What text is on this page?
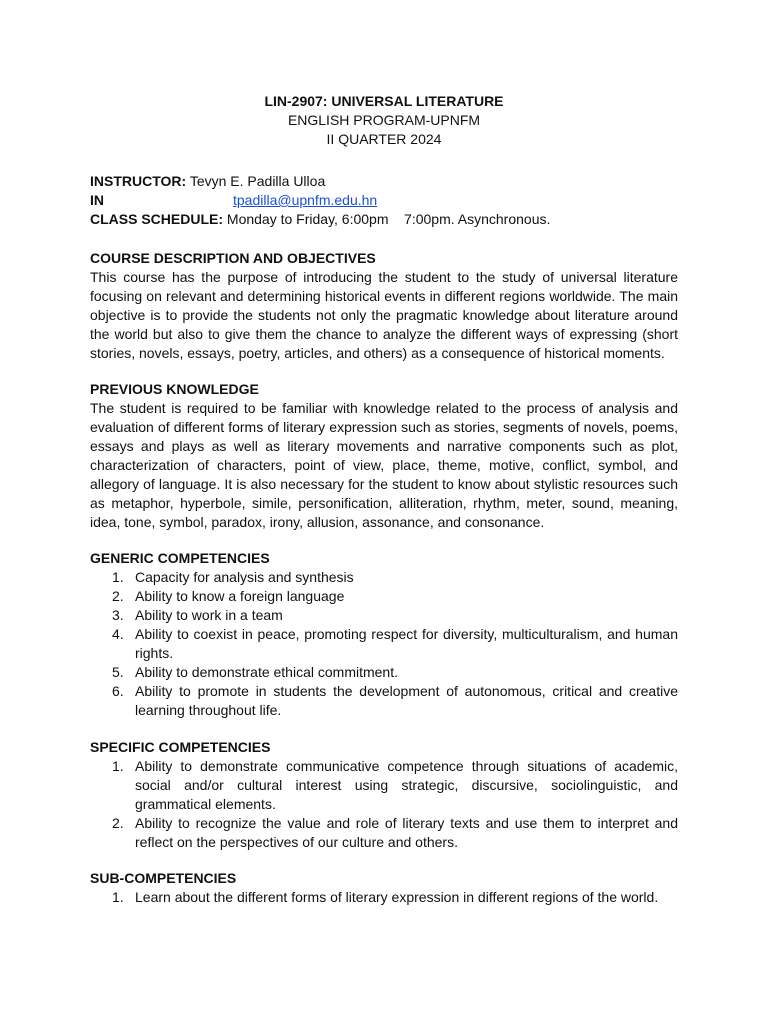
LIN-2907: UNIVERSAL LITERATURE
ENGLISH PROGRAM-UPNFM
II QUARTER 2024
INSTRUCTOR: Tevyn E. Padilla Ulloa
IN	tpadilla@upnfm.edu.hn
CLASS SCHEDULE: Monday to Friday, 6:00pm    7:00pm. Asynchronous.
COURSE DESCRIPTION AND OBJECTIVES

This course has the purpose of introducing the student to the study of universal literature focusing on relevant and determining historical events in different regions worldwide. The main objective is to provide the students not only the pragmatic knowledge about literature around the world but also to give them the chance to analyze the different ways of expressing (short stories, novels, essays, poetry, articles, and others) as a consequence of historical moments.

PREVIOUS KNOWLEDGE

The student is required to be familiar with knowledge related to the process of analysis and evaluation of different forms of literary expression such as stories, segments of novels, poems, essays and plays as well as literary movements and narrative components such as plot, characterization of characters, point of view, place, theme, motive, conflict, symbol, and allegory of language. It is also necessary for the student to know about stylistic resources such as metaphor, hyperbole, simile, personification, alliteration, rhythm, meter, sound, meaning, idea, tone, symbol, paradox, irony, allusion, assonance, and consonance.

GENERIC COMPETENCIES
1. Capacity for analysis and synthesis
2. Ability to know a foreign language
3. Ability to work in a team
4. Ability to coexist in peace, promoting respect for diversity, multiculturalism, and human rights.
5. Ability to demonstrate ethical commitment.
6. Ability to promote in students the development of autonomous, critical and creative learning throughout life.
SPECIFIC COMPETENCIES
1. Ability to demonstrate communicative competence through situations of academic, social and/or cultural interest using strategic, discursive, sociolinguistic, and grammatical elements.
2. Ability to recognize the value and role of literary texts and use them to interpret and reflect on the perspectives of our culture and others.
SUB-COMPETENCIES
1. Learn about the different forms of literary expression in different regions of the world.
